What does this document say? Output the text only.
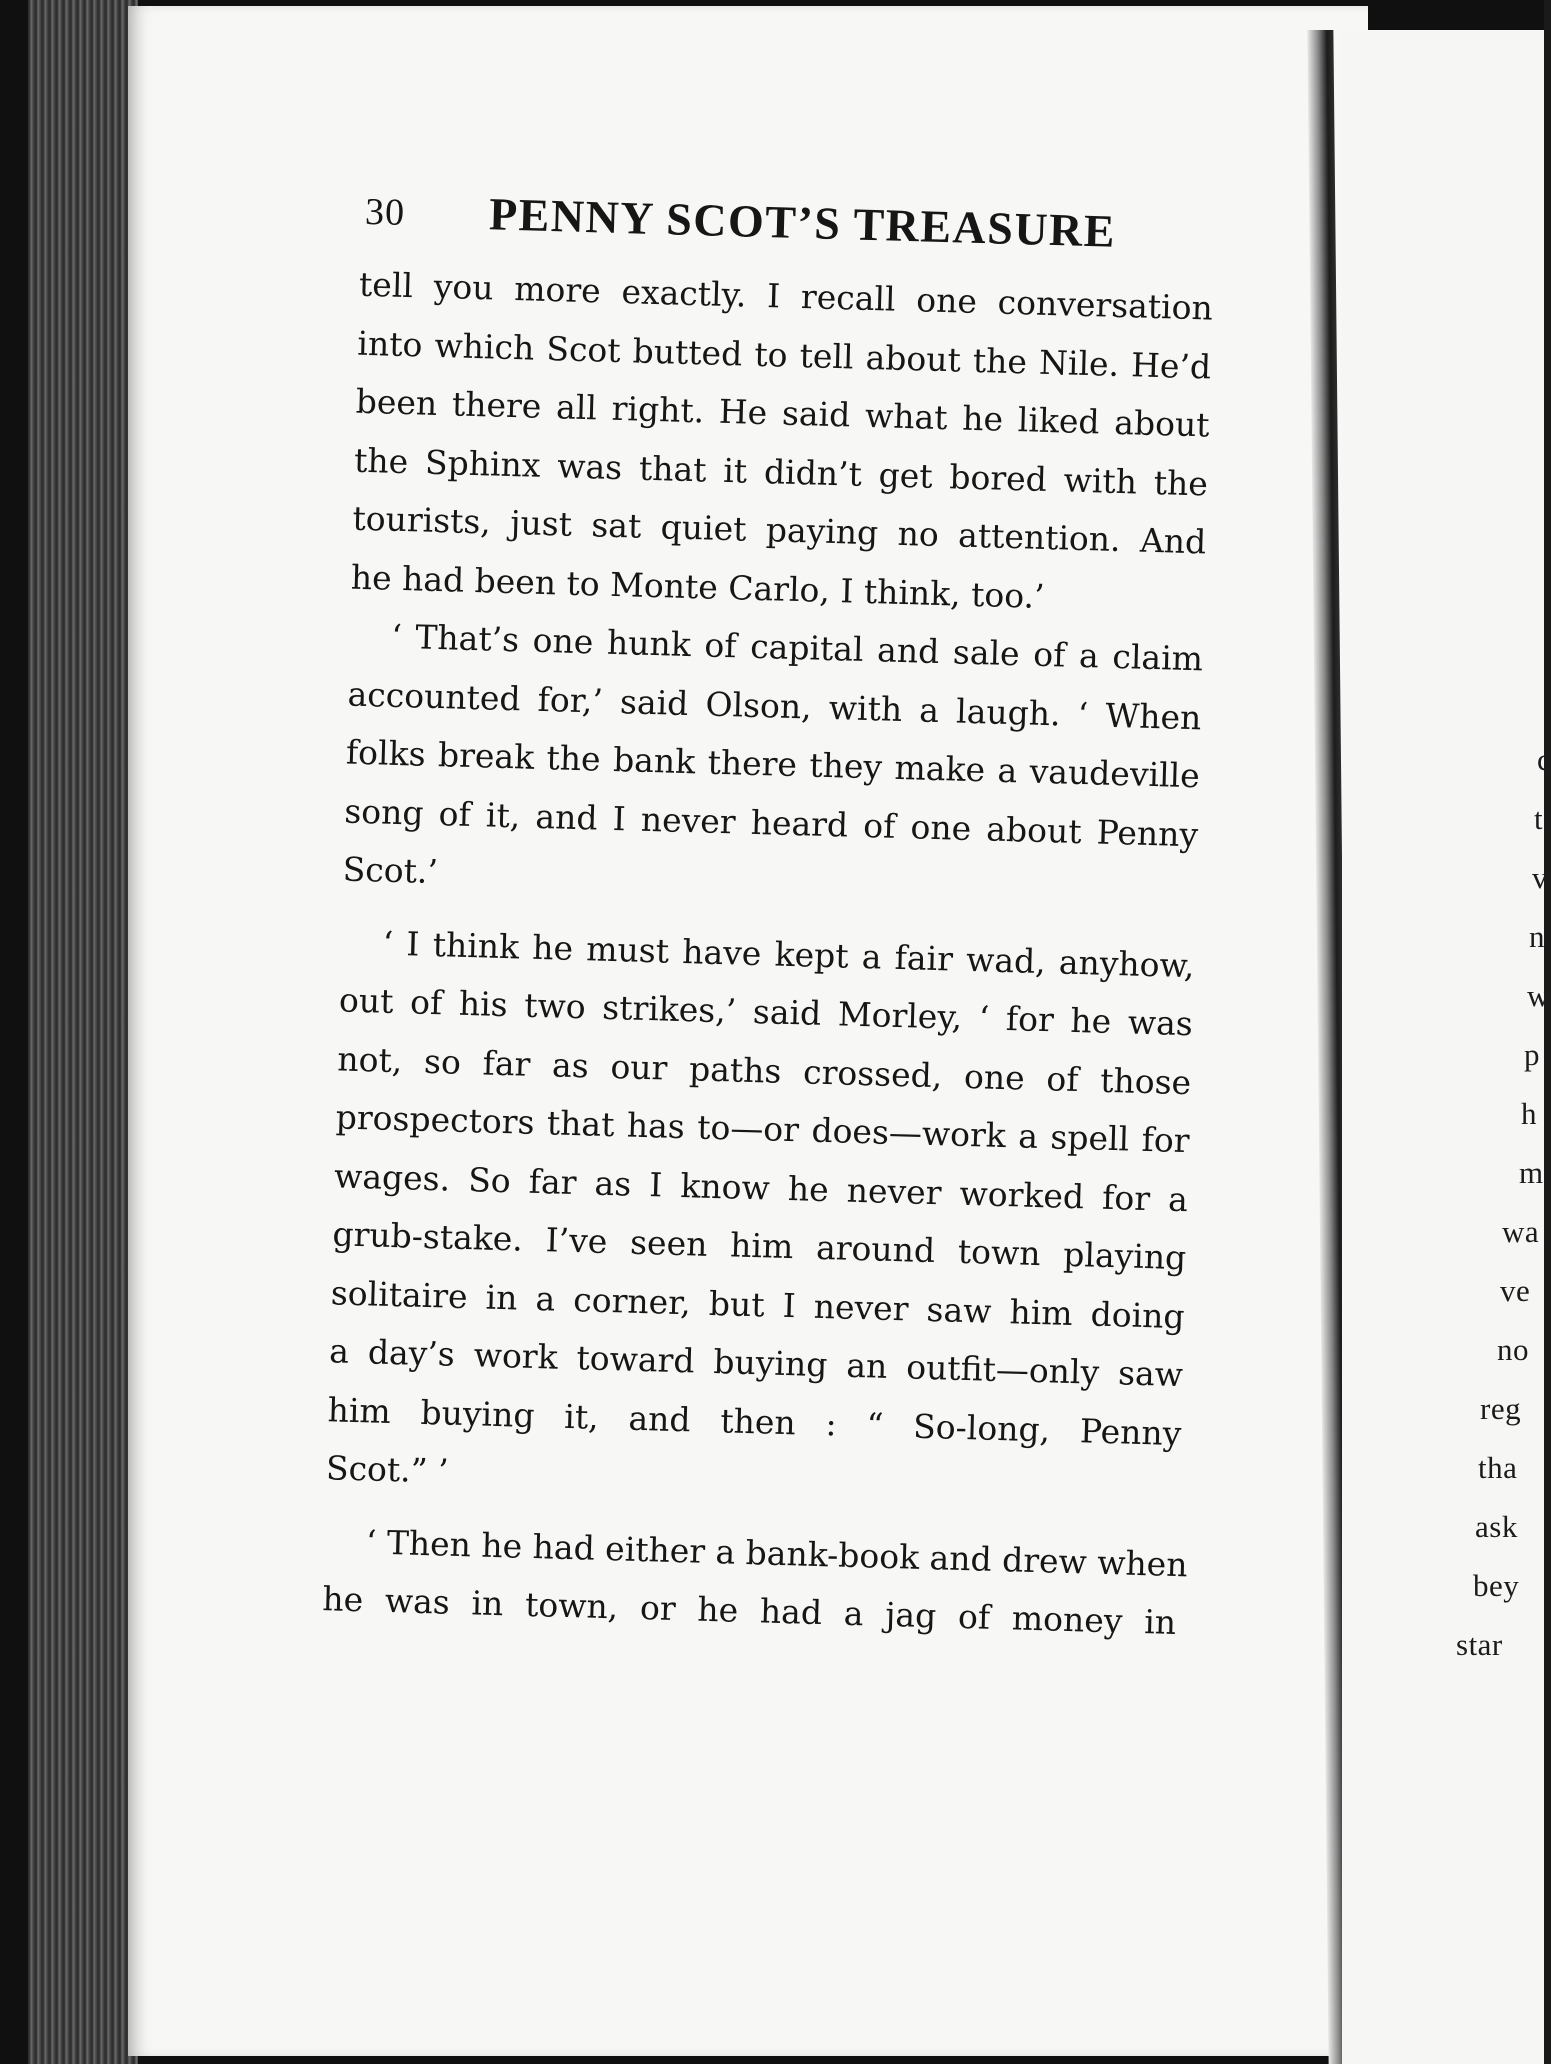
30 PENNY SCOT’S TREASURE
tell you more exactly. I recall one conversation
into which Scot butted to tell about the Nile. He’d
been there all right. He said what he liked about
the Sphinx was that it didn’t get bored with the
tourists, just sat quiet paying no attention. And
he had been to Monte Carlo, I think, too.’
‘ That’s one hunk of capital and sale of a claim
accounted for,’ said Olson, with a laugh. ‘ When
folks break the bank there they make a vaudeville
song of it, and I never heard of one about Penny
Scot.’
‘ I think he must have kept a fair wad, anyhow,
out of his two strikes,’ said Morley, ‘ for he was
not, so far as our paths crossed, one of those
prospectors that has to—or does—work a spell for
wages. So far as I know he never worked for a
grub-stake. I’ve seen him around town playing
solitaire in a corner, but I never saw him doing
a day’s work toward buying an outfit—only saw
him buying it, and then : “ So-long, Penny
Scot.” ’
‘ Then he had either a bank-book and drew when
he was in town, or he had a jag of money in
c
t
v
n
w
p
h
m
wa
ve
no
reg
tha
ask
bey
star
